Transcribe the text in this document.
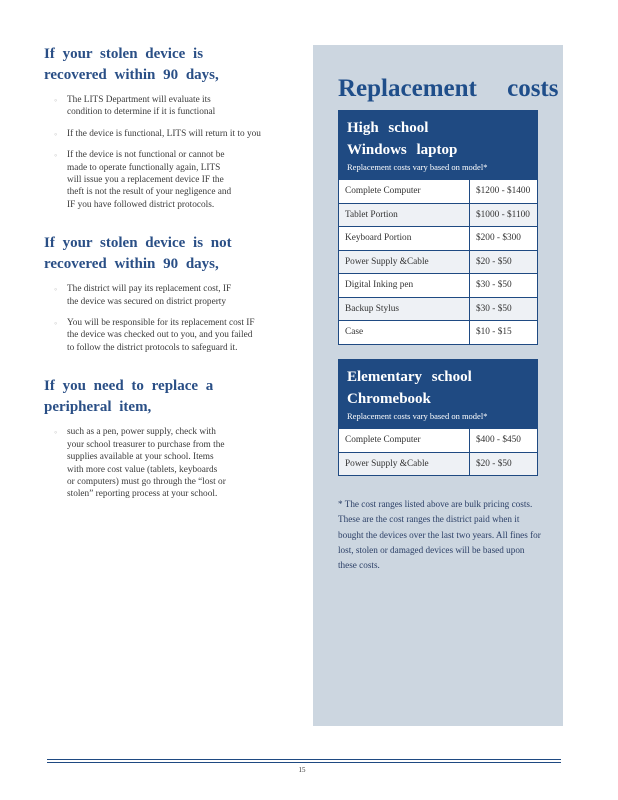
If your stolen device is
recovered within 90 days,
◦ The LITS Department will evaluate its
condition to determine if it is functional
◦ If the device is functional, LITS will return it to you
◦ If the device is not functional or cannot be
made to operate functionally again, LITS
will issue you a replacement device IF the
theft is not the result of your negligence and
IF you have followed district protocols.
If your stolen device is not
recovered within 90 days,
◦ The district will pay its replacement cost, IF
the device was secured on district property
◦ You will be responsible for its replacement cost IF
the device was checked out to you, and you failed
to follow the district protocols to safeguard it.
If you need to replace a
peripheral item,
◦ such as a pen, power supply, check with
your school treasurer to purchase from the
supplies available at your school. Items
with more cost value (tablets, keyboards
or computers) must go through the “lost or
stolen” reporting process at your school.
Replacement costs
High school
Windows laptop
Replacement costs vary based on model*
Complete Computer	$1200 - $1400
Tablet Portion	$1000 - $1100
Keyboard Portion	$200 - $300
Power Supply &Cable	$20 - $50
Digital Inking pen	$30 - $50
Backup Stylus	$30 - $50
Case	$10 - $15
Elementary school
Chromebook
Replacement costs vary based on model*
Complete Computer	$400 - $450
Power Supply &Cable	$20 - $50

* The cost ranges listed above are bulk pricing costs. These are the cost ranges the district paid when it bought the devices over the last two years. All fines for lost, stolen or damaged devices will be based upon these costs.

15
